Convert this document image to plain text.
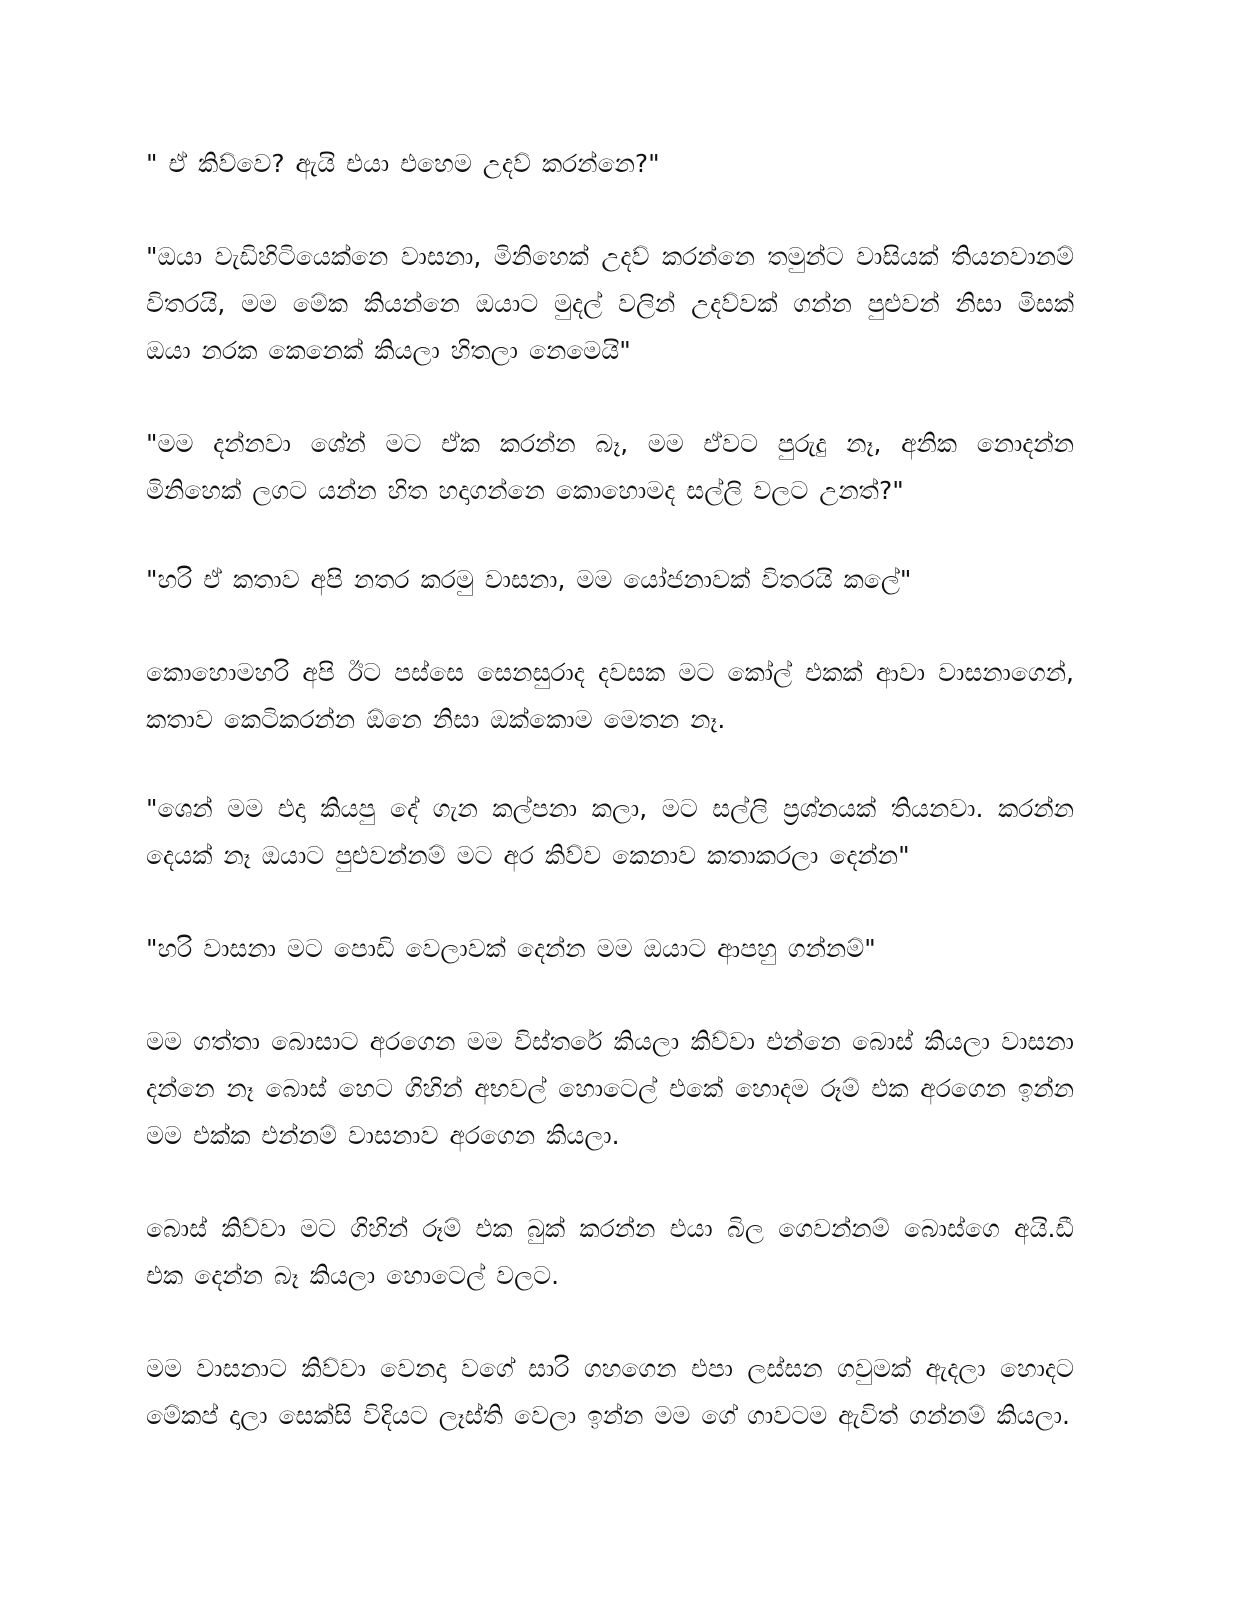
" ඒ කිව්වෙ? ඇයි එයා එහෙම උදව් කරන්නෙ?"

"ඔයා වැඩිහිටියෙක්නෙ වාසනා, මිනිහෙක් උදව් කරන්නෙ තමුන්ට වාසියක් තියනවානම් විතරයි, මම මේක කියන්නෙ ඔයාට මුදල් වලින් උදව්වක් ගන්න පුළුවන් නිසා මිසක් ඔයා නරක කෙනෙක් කියලා හිතලා නෙමෙයි"

"මම දන්නවා ශේන් මට ඒක කරන්න බෑ, මම ඒවට පුරුදු නෑ, අනික නොදන්න මිනිහෙක් ලගට යන්න හිත හදාගන්නෙ කොහොමද සල්ලි වලට උනත්?"

"හරි ඒ කතාව අපි නතර කරමු වාසනා, මම යෝජනාවක් විතරයි කලේ"

කොහොමහරි අපි ඊට පස්සෙ සෙනසුරාද දවසක මට කෝල් එකක් ආවා වාසනාගෙන්, කතාව කෙටිකරන්න ඕනෙ නිසා ඔක්කොම මෙතන නෑ.

"ශෙන් මම එදා කියපු දේ ගැන කල්පනා කලා, මට සල්ලි ප්‍රශ්නයක් තියනවා. කරන්න දෙයක් නෑ ඔයාට පුළුවන්නම් මට අර කිව්ව කෙනාව කතාකරලා දෙන්න"

"හරි වාසනා මට පොඩි වෙලාවක් දෙන්න මම ඔයාට ආපහු ගන්නම්"

මම ගත්තා බොසාට අරගෙන මම විස්තරේ කියලා කිව්වා එන්නෙ බොස් කියලා වාසනා දන්නෙ නෑ බොස් හෙට ගිහින් අභවල් හොටෙල් එකේ හොදම රූම් එක අරගෙන ඉන්න මම එක්ක එන්නම් වාසනාව අරගෙන කියලා.

බොස් කිව්වා මට ගිහින් රූම් එක බුක් කරන්න එයා බිල ගෙවන්නම් බොස්ගෙ අයි.ඩී එක දෙන්න බෑ කියලා හොටෙල් වලට.

මම වාසනාට කිව්වා වෙනදා වගේ සාරි ගහගෙන එපා ලස්සන ගවුමක් ඇදලා හොදට මේකප් දාලා සෙක්සි විදියට ලෑස්ති වෙලා ඉන්න මම ගේ ගාවටම ඇවිත් ගන්නම් කියලා.
